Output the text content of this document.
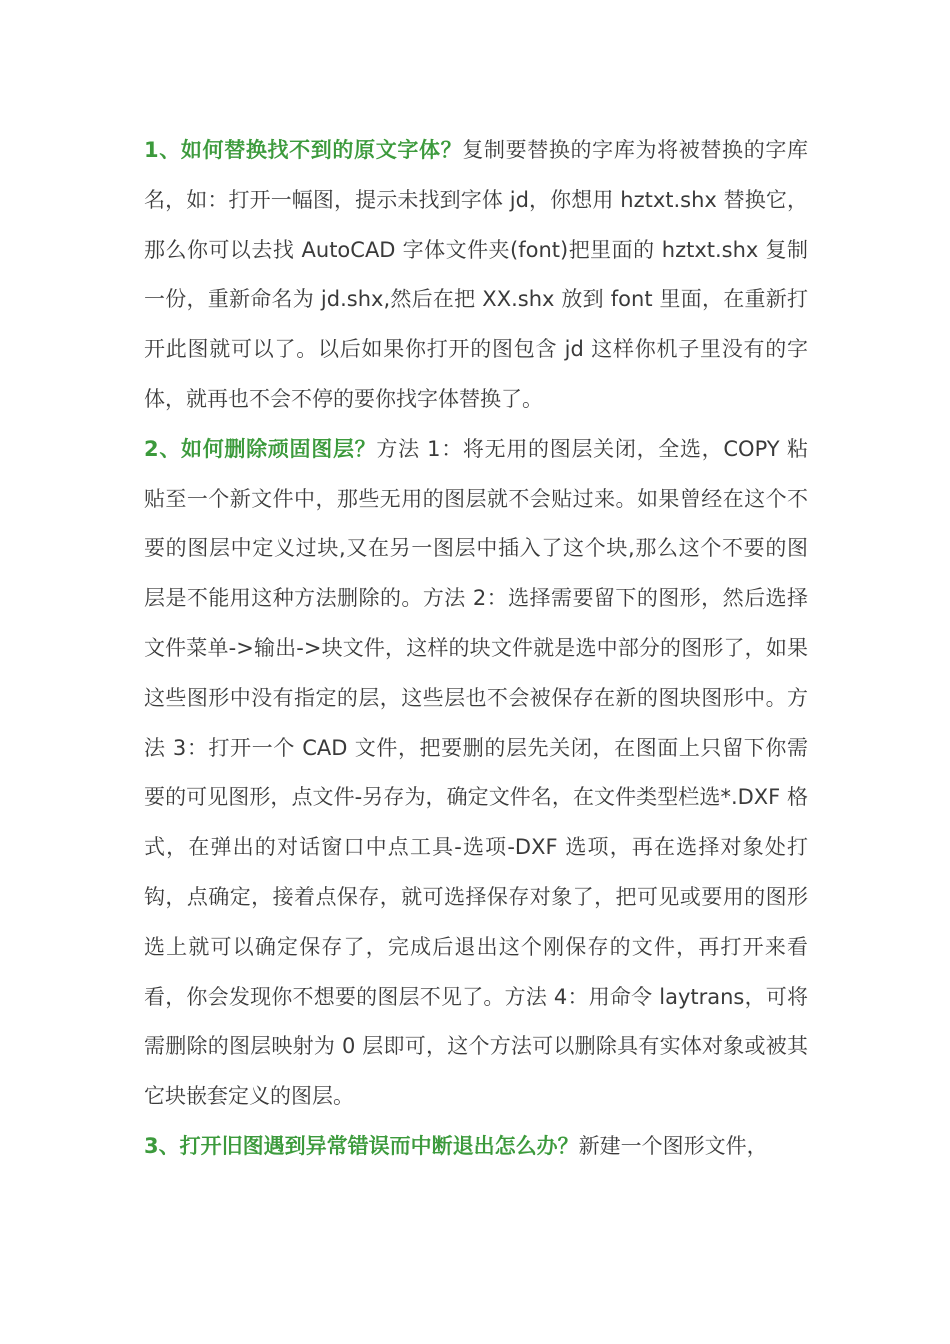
1、如何替换找不到的原文字体？复制要替换的字库为将被替换的字库名，如：打开一幅图，提示未找到字体 jd，你想用 hztxt.shx 替换它，那么你可以去找 AutoCAD 字体文件夹(font)把里面的 hztxt.shx 复制一份，重新命名为 jd.shx,然后在把 XX.shx 放到 font 里面，在重新打开此图就可以了。以后如果你打开的图包含 jd 这样你机子里没有的字体，就再也不会不停的要你找字体替换了。

2、如何删除顽固图层？方法 1：将无用的图层关闭，全选，COPY 粘贴至一个新文件中，那些无用的图层就不会贴过来。如果曾经在这个不要的图层中定义过块,又在另一图层中插入了这个块,那么这个不要的图层是不能用这种方法删除的。方法 2：选择需要留下的图形，然后选择文件菜单->输出->块文件，这样的块文件就是选中部分的图形了，如果这些图形中没有指定的层，这些层也不会被保存在新的图块图形中。方法 3：打开一个 CAD 文件，把要删的层先关闭，在图面上只留下你需要的可见图形，点文件-另存为，确定文件名，在文件类型栏选*.DXF 格式，在弹出的对话窗口中点工具-选项-DXF 选项，再在选择对象处打钩，点确定，接着点保存，就可选择保存对象了，把可见或要用的图形选上就可以确定保存了，完成后退出这个刚保存的文件，再打开来看看，你会发现你不想要的图层不见了。方法 4：用命令 laytrans，可将需删除的图层映射为 0 层即可，这个方法可以删除具有实体对象或被其它块嵌套定义的图层。

3、打开旧图遇到异常错误而中断退出怎么办？新建一个图形文件，
